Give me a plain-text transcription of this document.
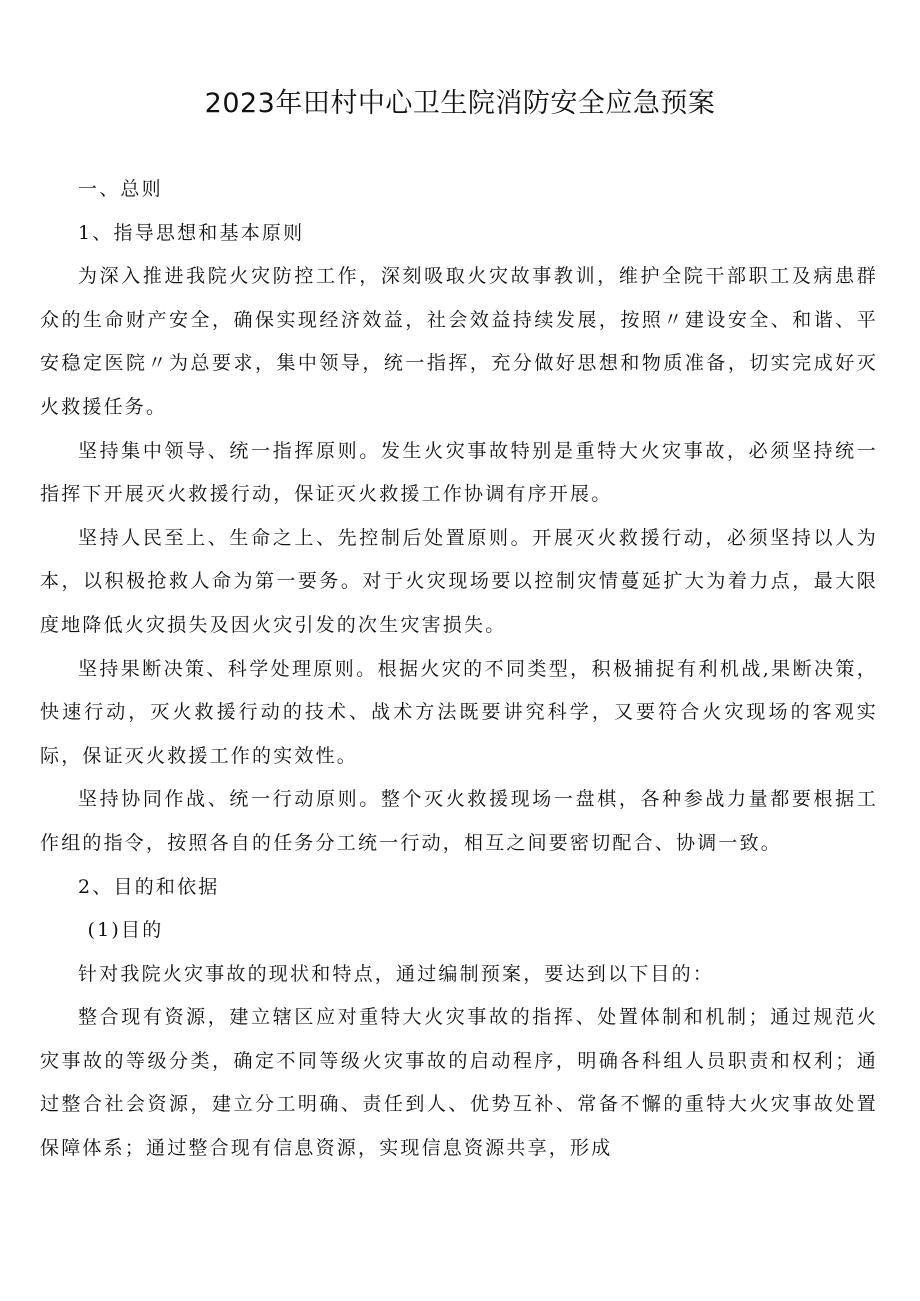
2023年田村中心卫生院消防安全应急预案

一、总则

1、指导思想和基本原则

为深入推进我院火灾防控工作，深刻吸取火灾故事教训，维护全院干部职工及病患群众的生命财产安全，确保实现经济效益，社会效益持续发展，按照〃建设安全、和谐、平安稳定医院〃为总要求，集中领导，统一指挥，充分做好思想和物质准备，切实完成好灭火救援任务。

坚持集中领导、统一指挥原则。发生火灾事故特别是重特大火灾事故，必须坚持统一指挥下开展灭火救援行动，保证灭火救援工作协调有序开展。

坚持人民至上、生命之上、先控制后处置原则。开展灭火救援行动，必须坚持以人为本，以积极抢救人命为第一要务。对于火灾现场要以控制灾情蔓延扩大为着力点，最大限度地降低火灾损失及因火灾引发的次生灾害损失。

坚持果断决策、科学处理原则。根据火灾的不同类型，积极捕捉有利机战,果断决策，快速行动，灭火救援行动的技术、战术方法既要讲究科学，又要符合火灾现场的客观实际，保证灭火救援工作的实效性。

坚持协同作战、统一行动原则。整个灭火救援现场一盘棋，各种参战力量都要根据工作组的指令，按照各自的任务分工统一行动，相互之间要密切配合、协调一致。

2、目的和依据

(1)目的

针对我院火灾事故的现状和特点，通过编制预案，要达到以下目的：

整合现有资源，建立辖区应对重特大火灾事故的指挥、处置体制和机制；通过规范火灾事故的等级分类，确定不同等级火灾事故的启动程序，明确各科组人员职责和权利；通过整合社会资源，建立分工明确、责任到人、优势互补、常备不懈的重特大火灾事故处置保障体系；通过整合现有信息资源，实现信息资源共享，形成
